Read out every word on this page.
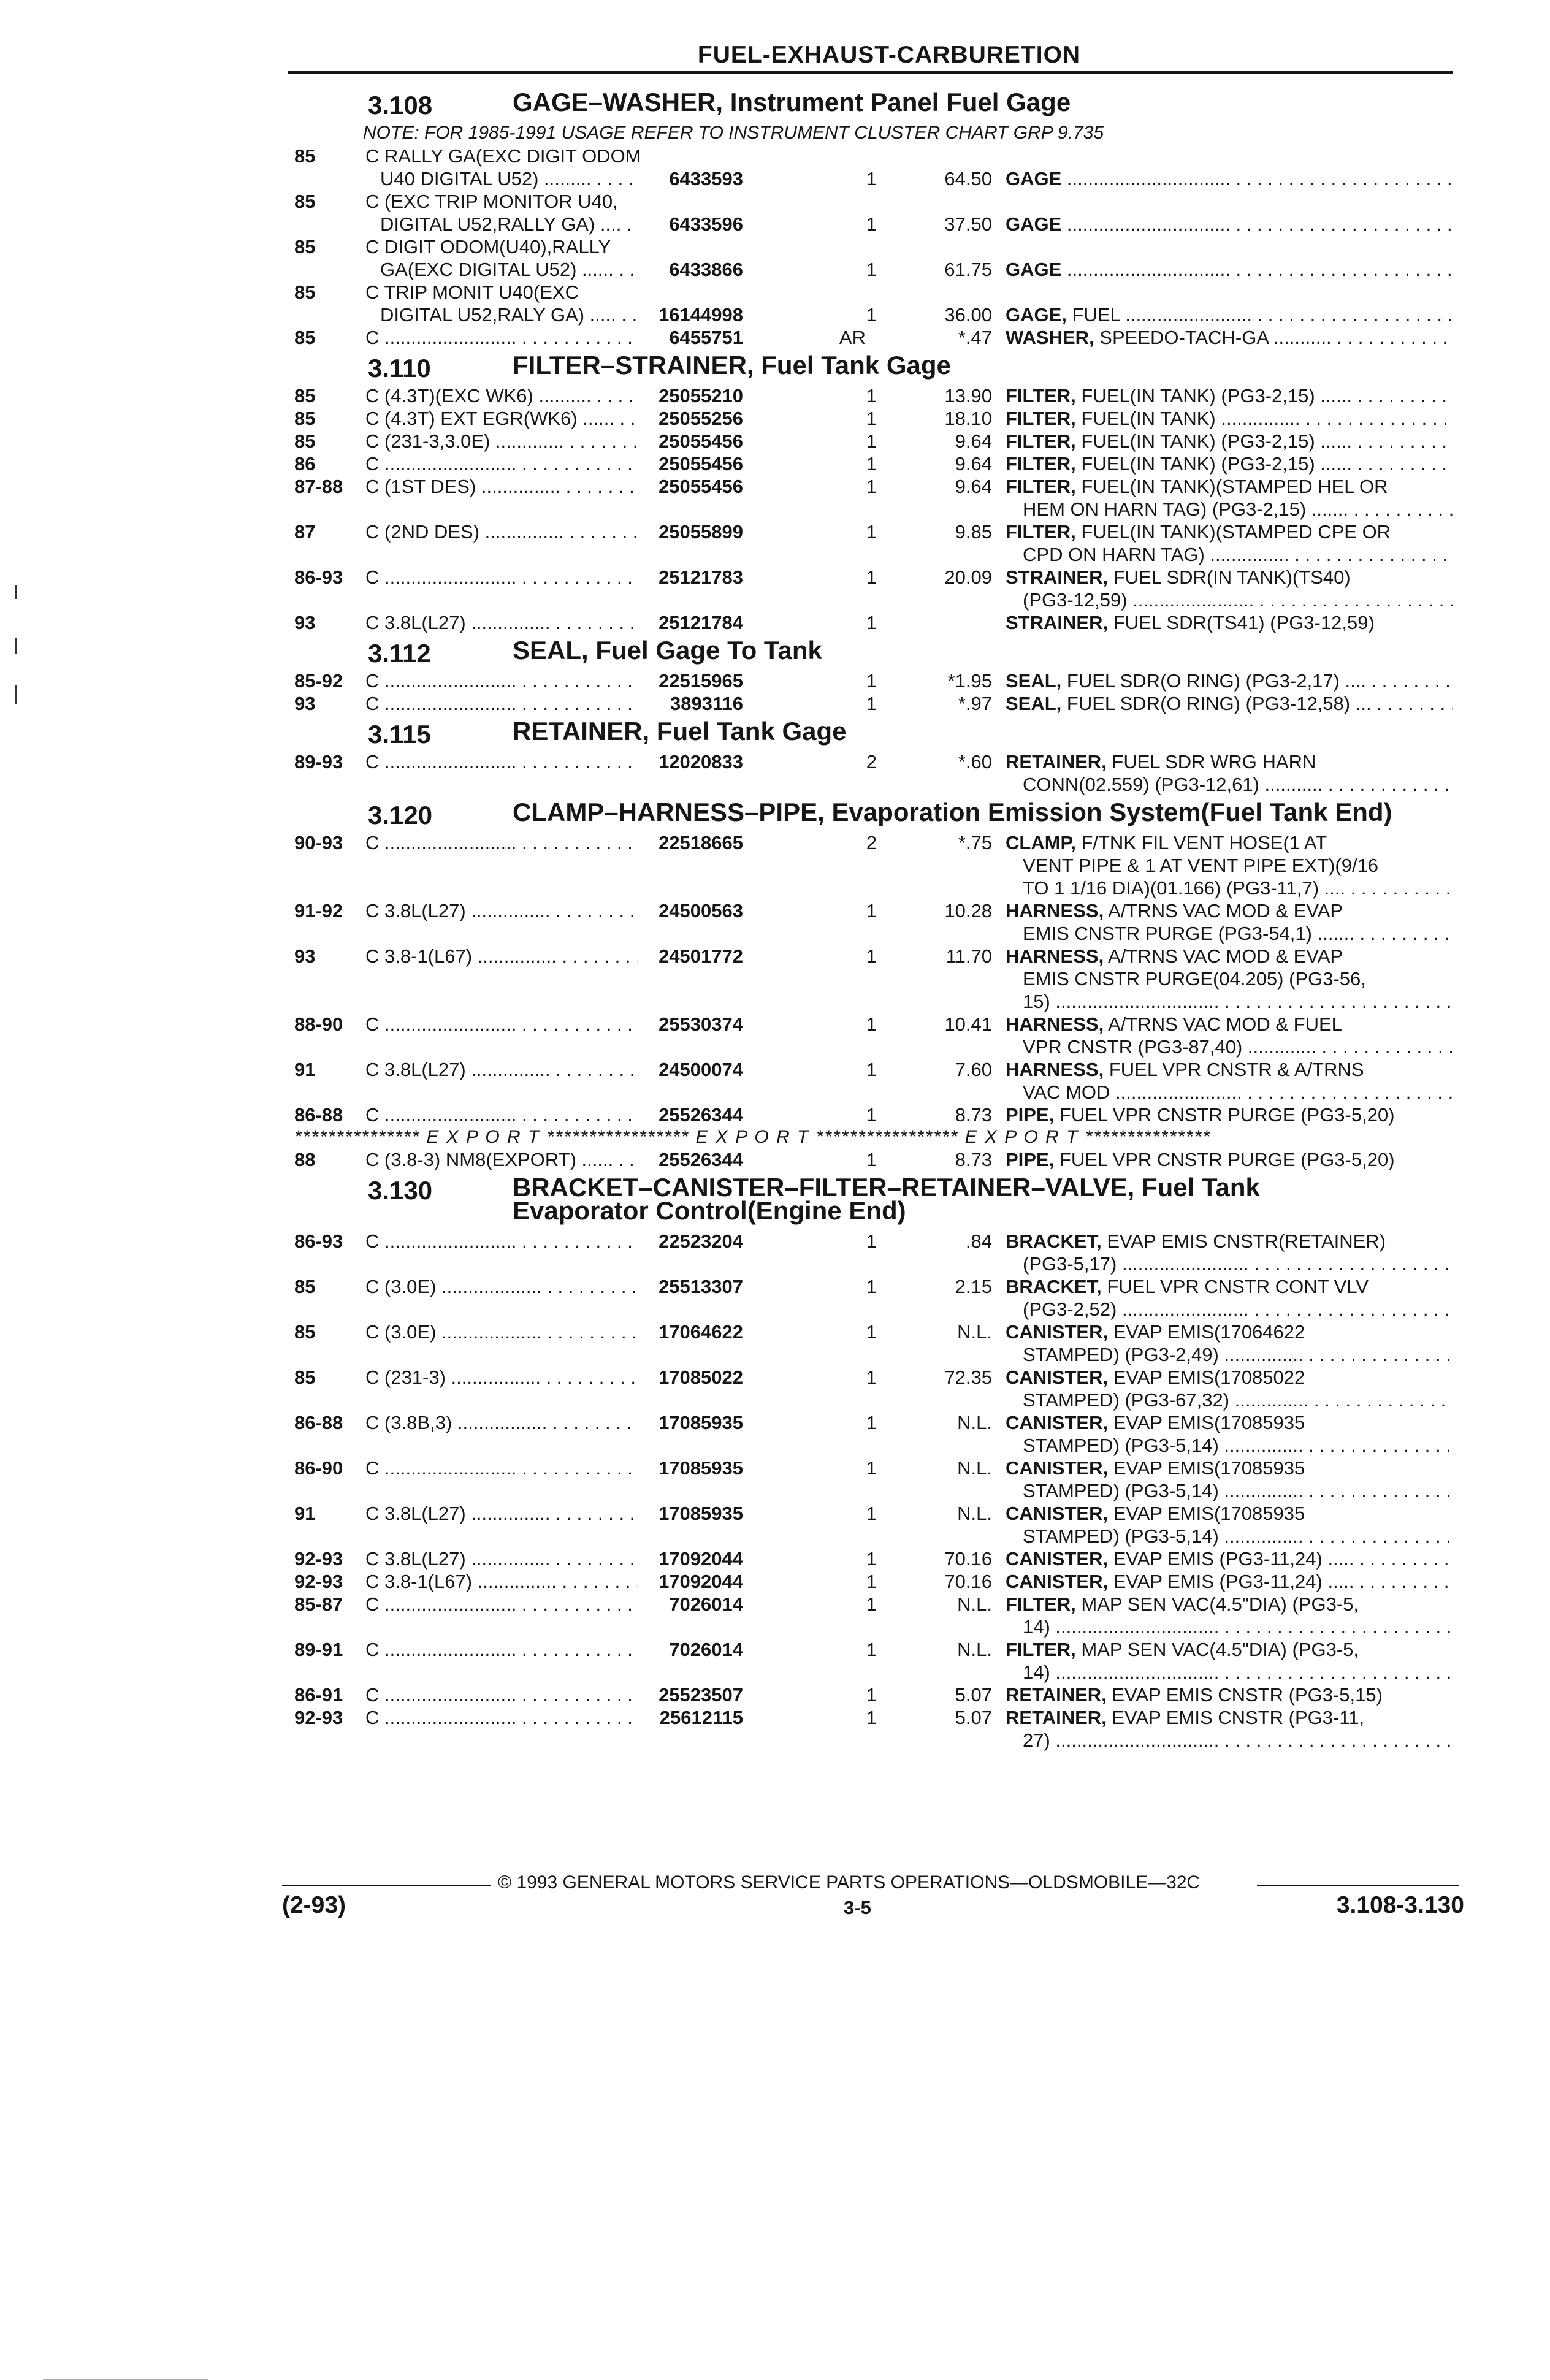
FUEL-EXHAUST-CARBURETION
3.108	GAGE–WASHER, Instrument Panel Fuel Gage
NOTE: FOR 1985-1991 USAGE REFER TO INSTRUMENT CLUSTER CHART GRP 9.735
85	C RALLY GA(EXC DIGIT ODOM
U40 DIGITAL U52) ......... . . .	6433593	1	64.50 GAGE ............................... . . .
85	C (EXC TRIP MONITOR U40,
DIGITAL U52,RALLY GA) .... . . .	6433596	1	37.50 GAGE ............................... . . .
85	C DIGIT ODOM(U40),RALLY
GA(EXC DIGITAL U52) ...... . . .	6433866	1	61.75 GAGE ............................... . . .
85	C TRIP MONIT U40(EXC
DIGITAL U52,RALY GA) ..... . . .	16144998	1	36.00 GAGE, FUEL ........................ . . .
85	C ......................... . . .	6455751	AR	*.47 WASHER, SPEEDO-TACH-GA ........... . . .
3.110	FILTER–STRAINER, Fuel Tank Gage
85	C (4.3T)(EXC WK6) .......... . . .	25055210	1	13.90 FILTER, FUEL(IN TANK) (PG3-2,15) ...... . . .
85	C (4.3T) EXT EGR(WK6) ...... . . .	25055256	1	18.10 FILTER, FUEL(IN TANK) ............... . . .
85	C (231-3,3.0E) ............. . . .	25055456	1	9.64 FILTER, FUEL(IN TANK) (PG3-2,15) ...... . . .
86	C ......................... . . .	25055456	1	9.64 FILTER, FUEL(IN TANK) (PG3-2,15) ...... . . .
87-88 C (1ST DES) ............... . . .	25055456	1	9.64 FILTER, FUEL(IN TANK)(STAMPED HEL OR
HEM ON HARN TAG) (PG3-2,15) ....... . . .
87	C (2ND DES) ............... . . .	25055899	1	9.85 FILTER, FUEL(IN TANK)(STAMPED CPE OR
CPD ON HARN TAG) ............... . . .
86-93 C ......................... . . .	25121783	1	20.09 STRAINER, FUEL SDR(IN TANK)(TS40)
(PG3-12,59) ....................... . . .
93	C 3.8L(L27) ............... . . .	25121784	1	STRAINER, FUEL SDR(TS41) (PG3-12,59)
3.112	SEAL, Fuel Gage To Tank
85-92 C ......................... . . .	22515965	1	*1.95 SEAL, FUEL SDR(O RING) (PG3-2,17) .... . . .
93	C ......................... . . .	3893116	1	*.97 SEAL, FUEL SDR(O RING) (PG3-12,58) ... . . .
3.115	RETAINER, Fuel Tank Gage
89-93 C ......................... . . .	12020833	2	*.60 RETAINER, FUEL SDR WRG HARN
CONN(02.559) (PG3-12,61) ........... . . .
3.120	CLAMP–HARNESS–PIPE, Evaporation Emission System(Fuel Tank End)
90-93 C ......................... . . .	22518665	2	*.75 CLAMP, F/TNK FIL VENT HOSE(1 AT
VENT PIPE & 1 AT VENT PIPE EXT)(9/16
TO 1 1/16 DIA)(01.166) (PG3-11,7) .... . . .
91-92 C 3.8L(L27) ............... . . .	24500563	1	10.28 HARNESS, A/TRNS VAC MOD & EVAP
EMIS CNSTR PURGE (PG3-54,1) ....... . . .
93	C 3.8-1(L67) ............... . . .	24501772	1	11.70 HARNESS, A/TRNS VAC MOD & EVAP
EMIS CNSTR PURGE(04.205) (PG3-56,
15) ............................... . . .
88-90 C ......................... . . .	25530374	1	10.41 HARNESS, A/TRNS VAC MOD & FUEL
VPR CNSTR (PG3-87,40) ............. . . .
91	C 3.8L(L27) ............... . . .	24500074	1	7.60 HARNESS, FUEL VPR CNSTR & A/TRNS
VAC MOD ........................ . . .
86-88 C ......................... . . .	25526344	1	8.73 PIPE, FUEL VPR CNSTR PURGE (PG3-5,20)
*************** E X P O R T ***************** E X P O R T ***************** E X P O R T ***************
88	C (3.8-3) NM8(EXPORT) ...... . . .	25526344	1	8.73 PIPE, FUEL VPR CNSTR PURGE (PG3-5,20)
3.130	BRACKET–CANISTER–FILTER–RETAINER–VALVE, Fuel Tank
Evaporator Control(Engine End)
86-93 C ......................... . . .	22523204	1	.84 BRACKET, EVAP EMIS CNSTR(RETAINER)
(PG3-5,17) ........................ . . .
85	C (3.0E) ................... . . .	25513307	1	2.15 BRACKET, FUEL VPR CNSTR CONT VLV
(PG3-2,52) ........................ . . .
85	C (3.0E) ................... . . .	17064622	1	N.L. CANISTER, EVAP EMIS(17064622
STAMPED) (PG3-2,49) ............... . . .
85	C (231-3) ................. . . .	17085022	1	72.35 CANISTER, EVAP EMIS(17085022
STAMPED) (PG3-67,32) .............. . . .
86-88 C (3.8B,3) ................. . . .	17085935	1	N.L. CANISTER, EVAP EMIS(17085935
STAMPED) (PG3-5,14) ............... . . .
86-90 C ......................... . . .	17085935	1	N.L. CANISTER, EVAP EMIS(17085935
STAMPED) (PG3-5,14) ............... . . .
91	C 3.8L(L27) ............... . . .	17085935	1	N.L. CANISTER, EVAP EMIS(17085935
STAMPED) (PG3-5,14) ............... . . .
92-93 C 3.8L(L27) ............... . . .	17092044	1	70.16 CANISTER, EVAP EMIS (PG3-11,24) ..... . . .
92-93 C 3.8-1(L67) ............... . . .	17092044	1	70.16 CANISTER, EVAP EMIS (PG3-11,24) ..... . . .
85-87 C ......................... . . .	7026014	1	N.L. FILTER, MAP SEN VAC(4.5"DIA) (PG3-5,
14) ............................... . . .
89-91 C ......................... . . .	7026014	1	N.L. FILTER, MAP SEN VAC(4.5"DIA) (PG3-5,
14) ............................... . . .
86-91 C ......................... . . .	25523507	1	5.07 RETAINER, EVAP EMIS CNSTR (PG3-5,15)
92-93 C ......................... . . .	25612115	1	5.07 RETAINER, EVAP EMIS CNSTR (PG3-11,
27) ............................... . . .
© 1993 GENERAL MOTORS SERVICE PARTS OPERATIONS—OLDSMOBILE—32C
(2-93)	3-5	3.108-3.130
